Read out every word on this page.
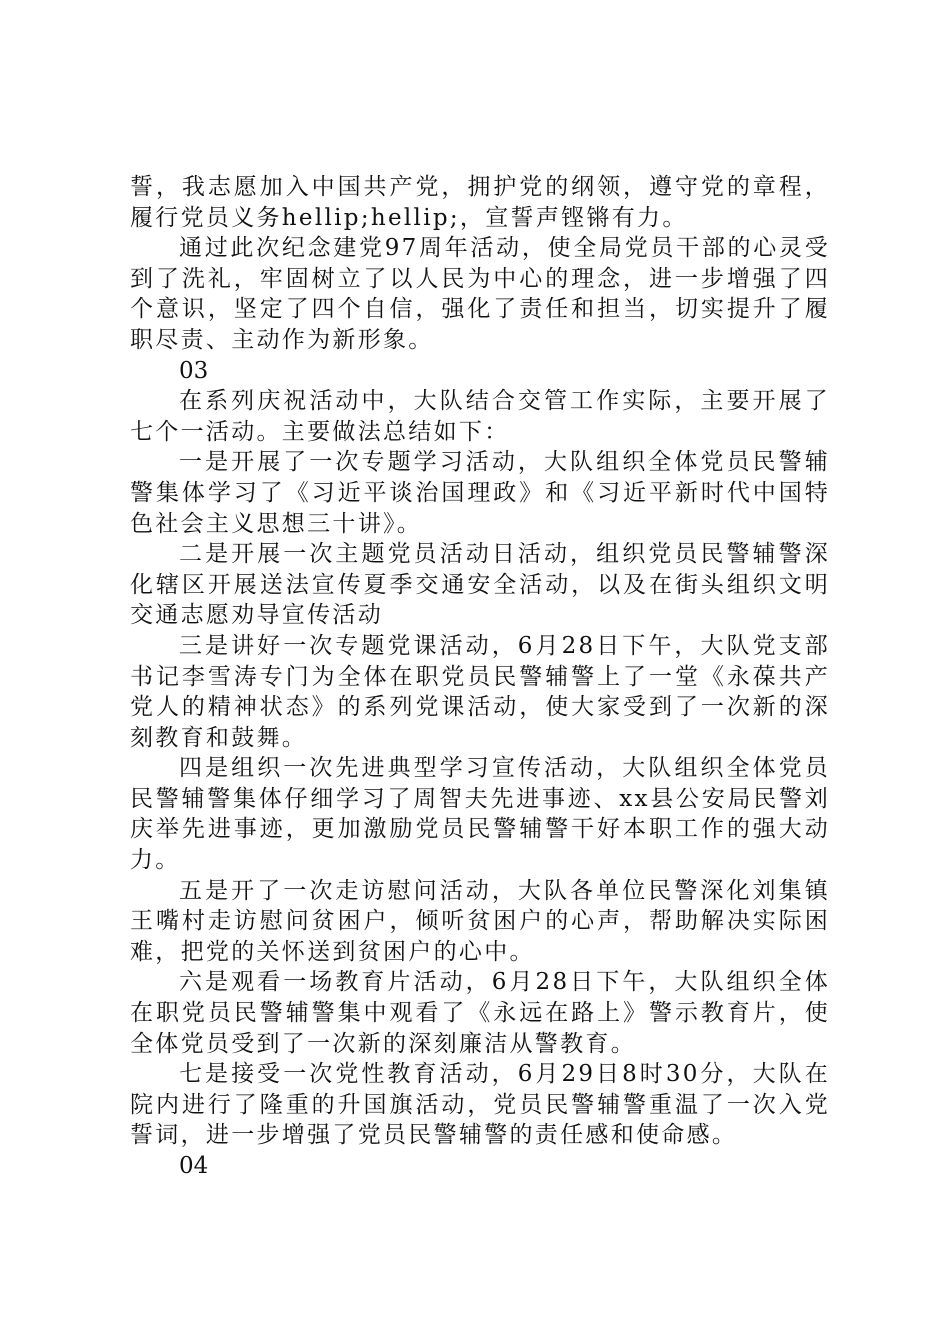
誓，我志愿加入中国共产党，拥护党的纲领，遵守党的章程，履行党员义务hellip;hellip;，宣誓声铿锵有力。

通过此次纪念建党97周年活动，使全局党员干部的心灵受到了洗礼，牢固树立了以人民为中心的理念，进一步增强了四个意识，坚定了四个自信，强化了责任和担当，切实提升了履职尽责、主动作为新形象。

03

在系列庆祝活动中，大队结合交管工作实际，主要开展了七个一活动。主要做法总结如下：

一是开展了一次专题学习活动，大队组织全体党员民警辅警集体学习了《习近平谈治国理政》和《习近平新时代中国特色社会主义思想三十讲》。

二是开展一次主题党员活动日活动，组织党员民警辅警深化辖区开展送法宣传夏季交通安全活动，以及在街头组织文明交通志愿劝导宣传活动

三是讲好一次专题党课活动，6月28日下午，大队党支部书记李雪涛专门为全体在职党员民警辅警上了一堂《永葆共产党人的精神状态》的系列党课活动，使大家受到了一次新的深刻教育和鼓舞。

四是组织一次先进典型学习宣传活动，大队组织全体党员民警辅警集体仔细学习了周智夫先进事迹、xx县公安局民警刘庆举先进事迹，更加激励党员民警辅警干好本职工作的强大动力。

五是开了一次走访慰问活动，大队各单位民警深化刘集镇王嘴村走访慰问贫困户，倾听贫困户的心声，帮助解决实际困难，把党的关怀送到贫困户的心中。

六是观看一场教育片活动，6月28日下午，大队组织全体在职党员民警辅警集中观看了《永远在路上》警示教育片，使全体党员受到了一次新的深刻廉洁从警教育。

七是接受一次党性教育活动，6月29日8时30分，大队在院内进行了隆重的升国旗活动，党员民警辅警重温了一次入党誓词，进一步增强了党员民警辅警的责任感和使命感。

04
